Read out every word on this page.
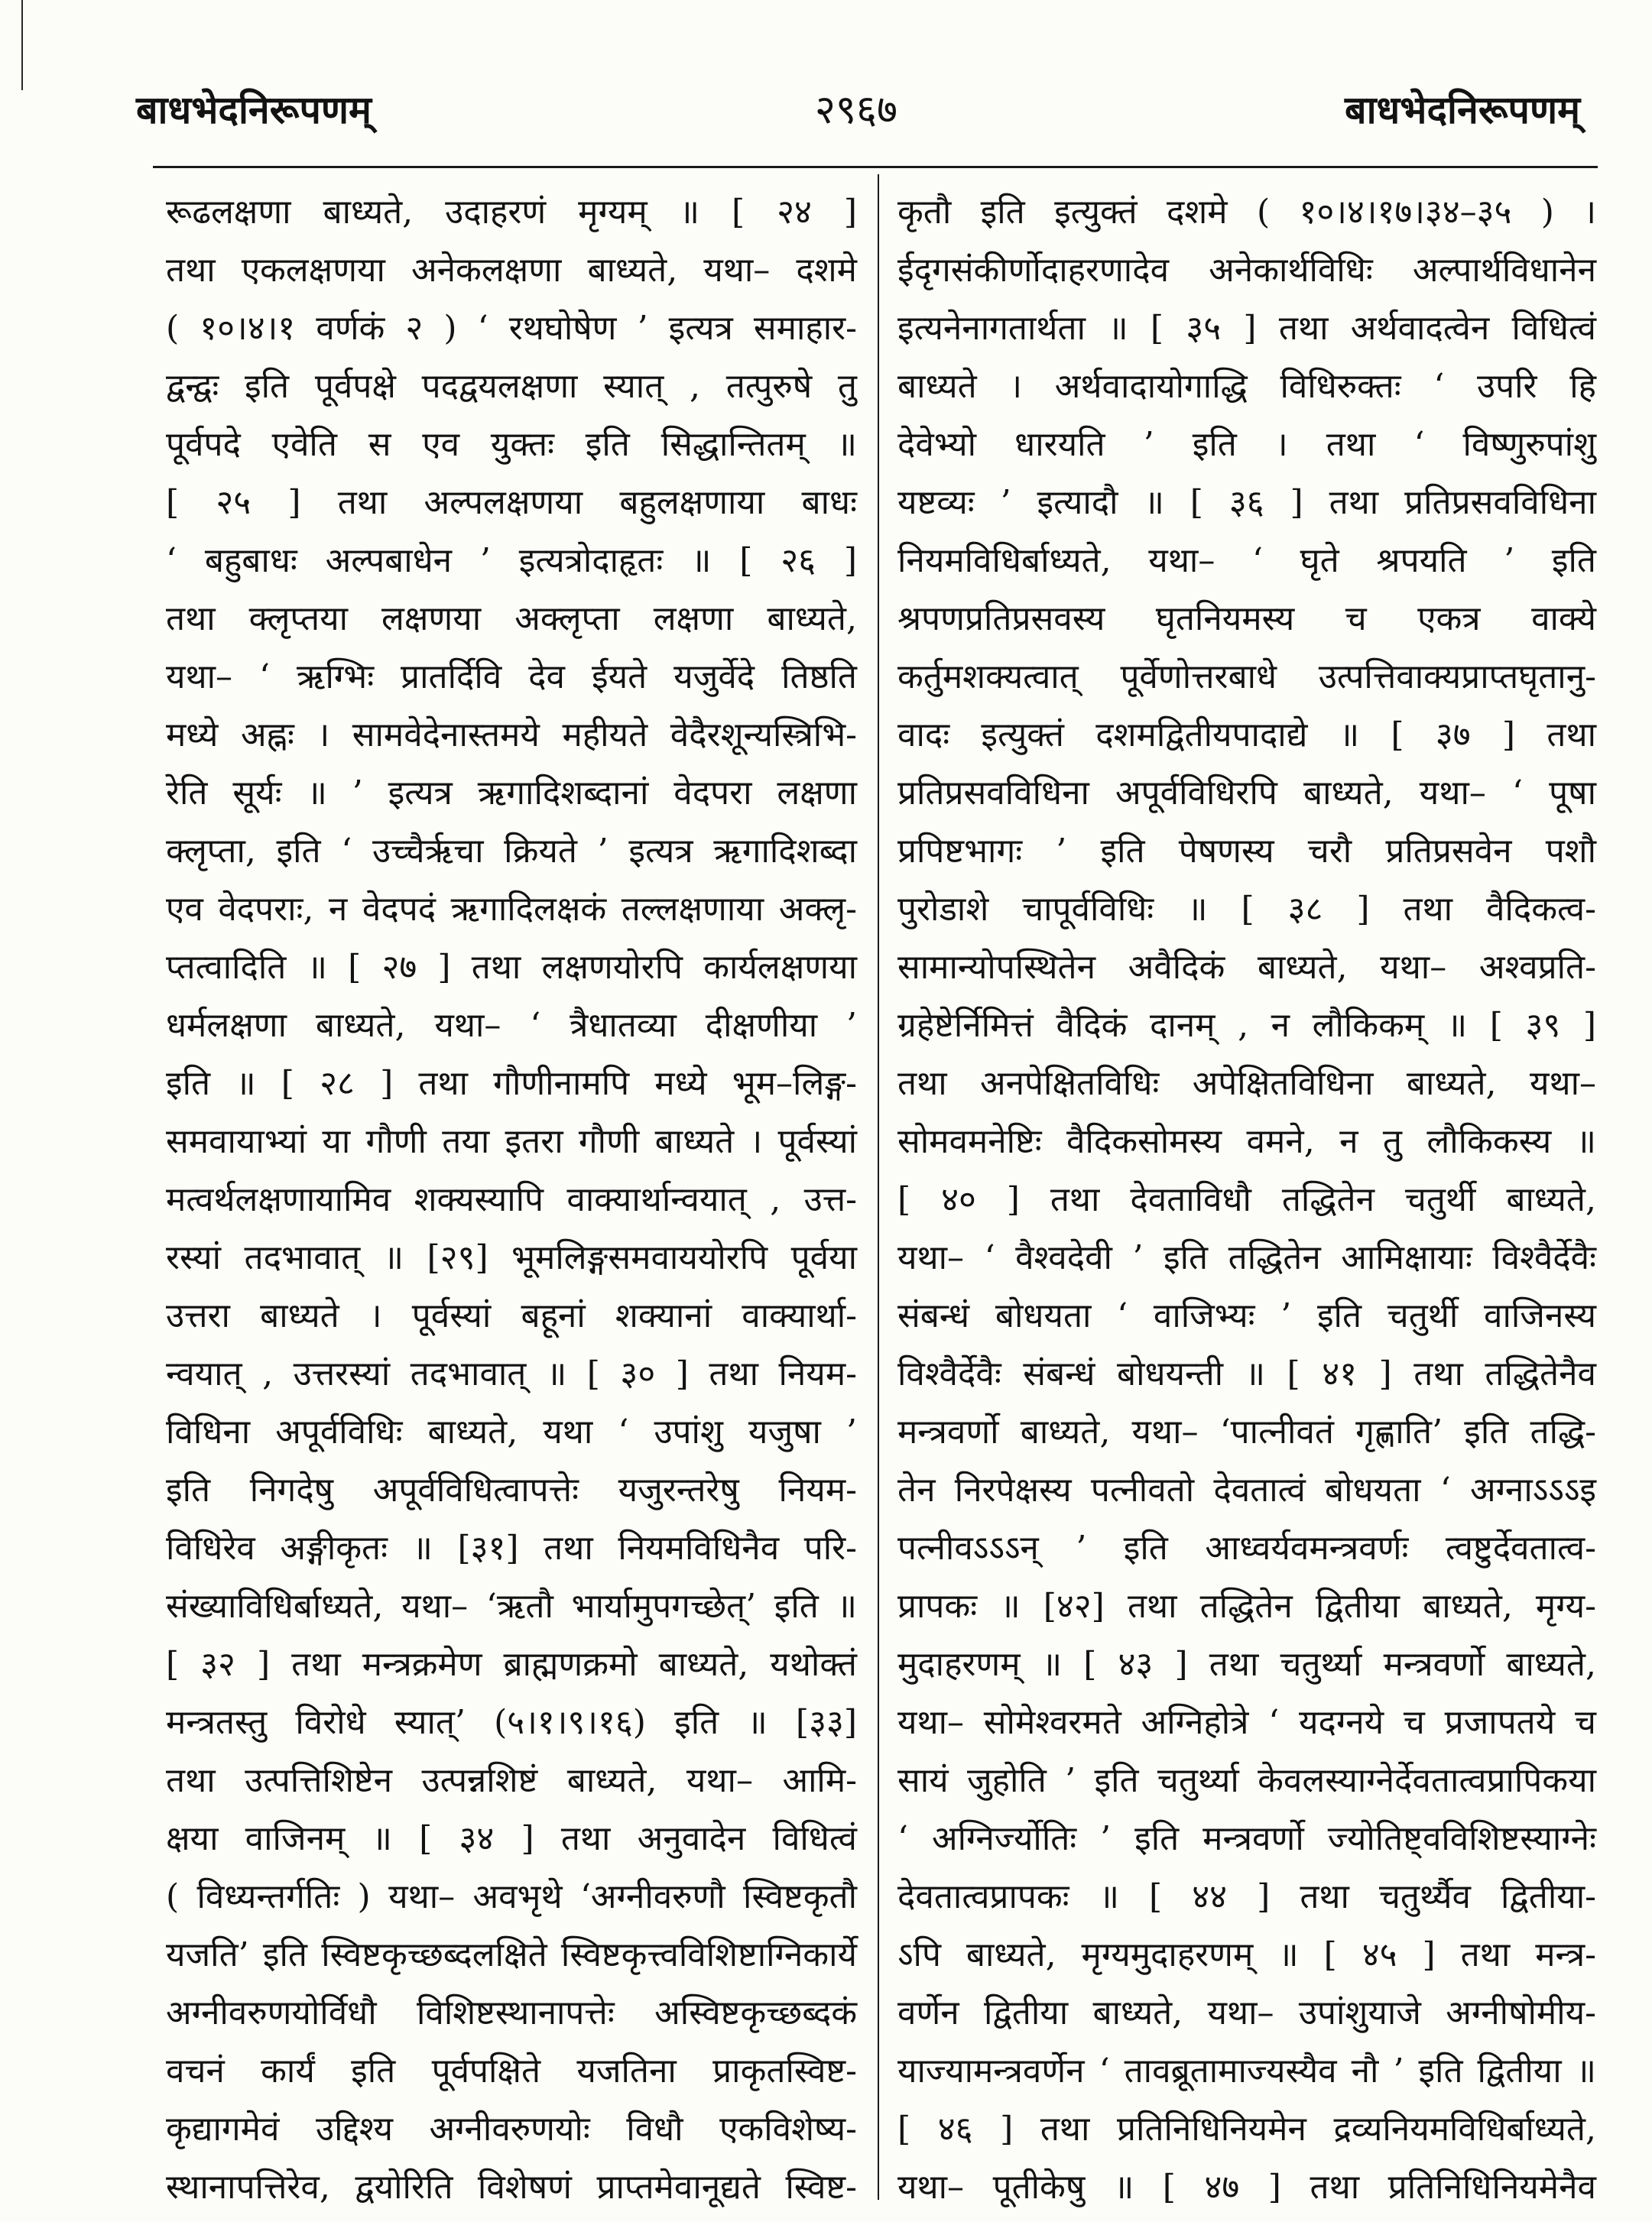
बाधभेदनिरूपणम्	२९६७	बाधभेदनिरूपणम्
रूढलक्षणा बाध्यते, उदाहरणं मृग्यम् ॥ [ २४ ]
तथा एकलक्षणया अनेकलक्षणा बाध्यते, यथा– दशमे
( १०।४।१ वर्णकं २ ) ‘ रथघोषेण ’ इत्यत्र समाहार-
द्वन्द्वः इति पूर्वपक्षे पदद्वयलक्षणा स्यात् , तत्पुरुषे तु
पूर्वपदे एवेति स एव युक्तः इति सिद्धान्तितम् ॥
[ २५ ] तथा अल्पलक्षणया बहुलक्षणाया बाधः
‘ बहुबाधः अल्पबाधेन ’ इत्यत्रोदाहृतः ॥ [ २६ ]
तथा क्लृप्तया लक्षणया अक्लृप्ता लक्षणा बाध्यते,
यथा– ‘ ऋग्भिः प्रातर्दिवि देव ईयते यजुर्वेदे तिष्ठति
मध्ये अह्नः । सामवेदेनास्तमये महीयते वेदैरशून्यस्त्रिभि-
रेति सूर्यः ॥ ’ इत्यत्र ऋगादिशब्दानां वेदपरा लक्षणा
क्लृप्ता, इति ‘ उच्चैरृचा क्रियते ’ इत्यत्र ऋगादिशब्दा
एव वेदपराः, न वेदपदं ऋगादिलक्षकं तल्लक्षणाया अक्लृ-
प्तत्वादिति ॥ [ २७ ] तथा लक्षणयोरपि कार्यलक्षणया
धर्मलक्षणा बाध्यते, यथा– ‘ त्रैधातव्या दीक्षणीया ’
इति ॥ [ २८ ] तथा गौणीनामपि मध्ये भूम–लिङ्ग-
समवायाभ्यां या गौणी तया इतरा गौणी बाध्यते । पूर्वस्यां
मत्वर्थलक्षणायामिव शक्यस्यापि वाक्यार्थान्वयात् , उत्त-
रस्यां तदभावात् ॥ [२९] भूमलिङ्गसमवाययोरपि पूर्वया
उत्तरा बाध्यते । पूर्वस्यां बहूनां शक्यानां वाक्यार्था-
न्वयात् , उत्तरस्यां तदभावात् ॥ [ ३० ] तथा नियम-
विधिना अपूर्वविधिः बाध्यते, यथा ‘ उपांशु यजुषा ’
इति निगदेषु अपूर्वविधित्वापत्तेः यजुरन्तरेषु नियम-
विधिरेव अङ्गीकृतः ॥ [३१] तथा नियमविधिनैव परि-
संख्याविधिर्बाध्यते, यथा– ‘ऋतौ भार्यामुपगच्छेत्’ इति ॥
[ ३२ ] तथा मन्त्रक्रमेण ब्राह्मणक्रमो बाध्यते, यथोक्तं
मन्त्रतस्तु विरोधे स्यात्’ (५।१।९।१६) इति ॥ [३३]
तथा उत्पत्तिशिष्टेन उत्पन्नशिष्टं बाध्यते, यथा– आमि-
क्षया वाजिनम् ॥ [ ३४ ] तथा अनुवादेन विधित्वं
( विध्यन्तर्गतिः ) यथा– अवभृथे ‘अग्नीवरुणौ स्विष्टकृतौ
यजति’ इति स्विष्टकृच्छब्दलक्षिते स्विष्टकृत्त्वविशिष्टाग्निकार्ये
अग्नीवरुणयोर्विधौ विशिष्टस्थानापत्तेः अस्विष्टकृच्छब्दकं
वचनं कार्यं इति पूर्वपक्षिते यजतिना प्राकृतस्विष्ट-
कृद्यागमेवं उद्दिश्य अग्नीवरुणयोः विधौ एकविशेष्य-
स्थानापत्तिरेव, द्वयोरिति विशेषणं प्राप्तमेवानूद्यते स्विष्ट-
कृतौ इति इत्युक्तं दशमे ( १०।४।१७।३४–३५ ) ।
ईदृगसंकीर्णोदाहरणादेव अनेकार्थविधिः अल्पार्थविधानेन
इत्यनेनागतार्थता ॥ [ ३५ ] तथा अर्थवादत्वेन विधित्वं
बाध्यते । अर्थवादायोगाद्धि विधिरुक्तः ‘ उपरि हि
देवेभ्यो धारयति ’ इति । तथा ‘ विष्णुरुपांशु
यष्टव्यः ’ इत्यादौ ॥ [ ३६ ] तथा प्रतिप्रसवविधिना
नियमविधिर्बाध्यते, यथा– ‘ घृते श्रपयति ’ इति
श्रपणप्रतिप्रसवस्य घृतनियमस्य च एकत्र वाक्ये
कर्तुमशक्यत्वात् पूर्वेणोत्तरबाधे उत्पत्तिवाक्यप्राप्तघृतानु-
वादः इत्युक्तं दशमद्वितीयपादाद्ये ॥ [ ३७ ] तथा
प्रतिप्रसवविधिना अपूर्वविधिरपि बाध्यते, यथा– ‘ पूषा
प्रपिष्टभागः ’ इति पेषणस्य चरौ प्रतिप्रसवेन पशौ
पुरोडाशे चापूर्वविधिः ॥ [ ३८ ] तथा वैदिकत्व-
सामान्योपस्थितेन अवैदिकं बाध्यते, यथा– अश्वप्रति-
ग्रहेष्टेर्निमित्तं वैदिकं दानम् , न लौकिकम् ॥ [ ३९ ]
तथा अनपेक्षितविधिः अपेक्षितविधिना बाध्यते, यथा–
सोमवमनेष्टिः वैदिकसोमस्य वमने, न तु लौकिकस्य ॥
[ ४० ] तथा देवताविधौ तद्धितेन चतुर्थी बाध्यते,
यथा– ‘ वैश्वदेवी ’ इति तद्धितेन आमिक्षायाः विश्वैर्देवैः
संबन्धं बोधयता ‘ वाजिभ्यः ’ इति चतुर्थी वाजिनस्य
विश्वैर्देवैः संबन्धं बोधयन्ती ॥ [ ४१ ] तथा तद्धितेनैव
मन्त्रवर्णो बाध्यते, यथा– ‘पात्नीवतं गृह्णाति’ इति तद्धि-
तेन निरपेक्षस्य पत्नीवतो देवतात्वं बोधयता ‘ अग्नाऽऽऽइ
पत्नीवऽऽऽन् ’ इति आध्वर्यवमन्त्रवर्णः त्वष्टुर्देवतात्व-
प्रापकः ॥ [४२] तथा तद्धितेन द्वितीया बाध्यते, मृग्य-
मुदाहरणम् ॥ [ ४३ ] तथा चतुर्थ्या मन्त्रवर्णो बाध्यते,
यथा– सोमेश्वरमते अग्निहोत्रे ‘ यदग्नये च प्रजापतये च
सायं जुहोति ’ इति चतुर्थ्या केवलस्याग्नेर्देवतात्वप्रापिकया
‘ अग्निर्ज्योतिः ’ इति मन्त्रवर्णो ज्योतिष्ट्वविशिष्टस्याग्नेः
देवतात्वप्रापकः ॥ [ ४४ ] तथा चतुर्थ्यैव द्वितीया-
ऽपि बाध्यते, मृग्यमुदाहरणम् ॥ [ ४५ ] तथा मन्त्र-
वर्णेन द्वितीया बाध्यते, यथा– उपांशुयाजे अग्नीषोमीय-
याज्यामन्त्रवर्णेन ‘ तावब्रूतामाज्यस्यैव नौ ’ इति द्वितीया ॥
[ ४६ ] तथा प्रतिनिधिनियमेन द्रव्यनियमविधिर्बाध्यते,
यथा– पूतीकेषु ॥ [ ४७ ] तथा प्रतिनिधिनियमेनैव
